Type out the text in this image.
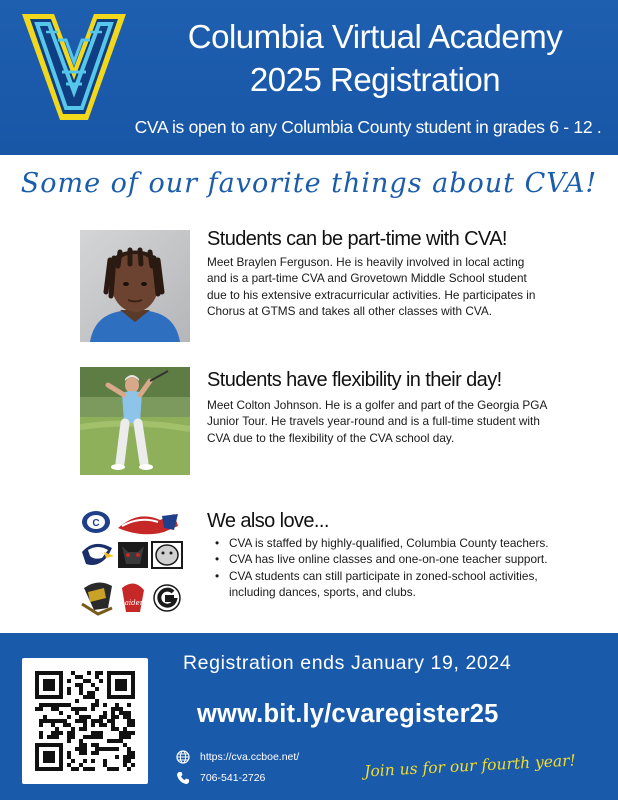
Columbia Virtual Academy
2025 Registration
CVA is open to any Columbia County student in grades 6 - 12 .
Some of our favorite things about CVA!
Students can be part-time with CVA!
Meet Braylen Ferguson. He is heavily involved in local acting and is a part-time CVA and Grovetown Middle School student due to his extensive extracurricular activities. He participates in Chorus at GTMS and takes all other classes with CVA.
Students have flexibility in their day!
Meet Colton Johnson. He is a golfer and part of the Georgia PGA Junior Tour. He travels year-round and is a full-time student with CVA due to the flexibility of the CVA school day.
C
Raiders
We also love...
• CVA is staffed by highly-qualified, Columbia County teachers.
• CVA has live online classes and one-on-one teacher support.
• CVA students can still participate in zoned-school activities, including dances, sports, and clubs.
Registration ends January 19, 2024
www.bit.ly/cvaregister25
https://cva.ccboe.net/
706-541-2726	Join us for our fourth year!
